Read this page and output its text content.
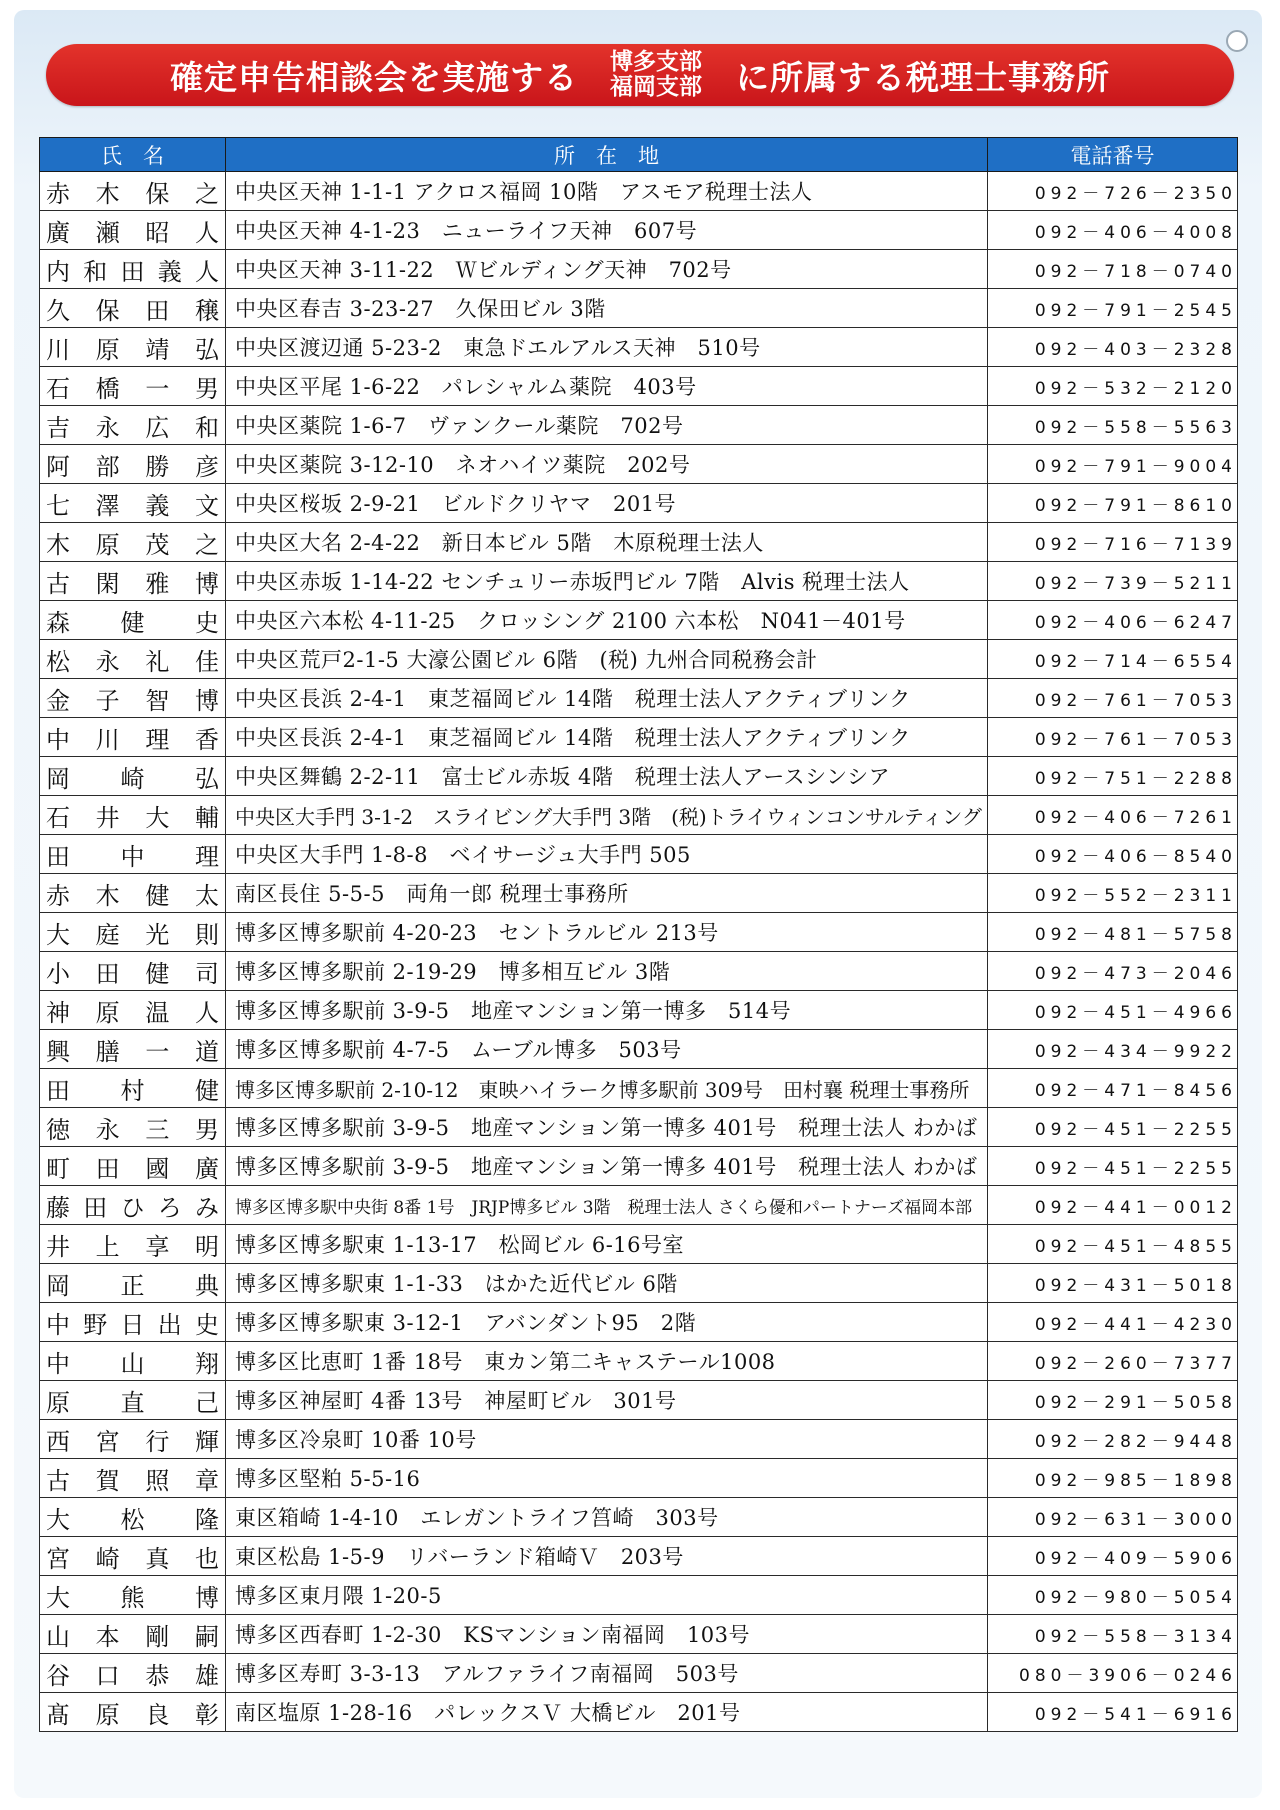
確定申告相談会を実施する 博多支部
福岡支部 に所属する税理士事務所
氏　名	所　在　地	電話番号
赤木保之	中央区天神 1-1-1 アクロス福岡 10階　アスモア税理士法人	092－726－2350
廣瀬昭人	中央区天神 4-1-23　ニューライフ天神　607号	092－406－4008
内和田義人	中央区天神 3-11-22　Ｗビルディング天神　702号	092－718－0740
久保田穣	中央区春吉 3-23-27　久保田ビル 3階	092－791－2545
川原靖弘	中央区渡辺通 5-23-2　東急ドエルアルス天神　510号	092－403－2328
石橋一男	中央区平尾 1-6-22　パレシャルム薬院　403号	092－532－2120
吉永広和	中央区薬院 1-6-7　ヴァンクール薬院　702号	092－558－5563
阿部勝彦	中央区薬院 3-12-10　ネオハイツ薬院　202号	092－791－9004
七澤義文	中央区桜坂 2-9-21　ビルドクリヤマ　201号	092－791－8610
木原茂之	中央区大名 2-4-22　新日本ビル 5階　木原税理士法人	092－716－7139
古閑雅博	中央区赤坂 1-14-22 センチュリー赤坂門ビル 7階　Alvis 税理士法人	092－739－5211
森健史	中央区六本松 4-11-25　クロッシング 2100 六本松　N041－401号	092－406－6247
松永礼佳	中央区荒戸2-1-5 大濠公園ビル 6階　(税) 九州合同税務会計	092－714－6554
金子智博	中央区長浜 2-4-1　東芝福岡ビル 14階　税理士法人アクティブリンク	092－761－7053
中川理香	中央区長浜 2-4-1　東芝福岡ビル 14階　税理士法人アクティブリンク	092－761－7053
岡崎弘	中央区舞鶴 2-2-11　富士ビル赤坂 4階　税理士法人アースシンシア	092－751－2288
石井大輔	中央区大手門 3-1-2　スライビング大手門 3階　(税)トライウィンコンサルティング	092－406－7261
田中理	中央区大手門 1-8-8　ベイサージュ大手門 505	092－406－8540
赤木健太	南区長住 5-5-5　両角一郎 税理士事務所	092－552－2311
大庭光則	博多区博多駅前 4-20-23　セントラルビル 213号	092－481－5758
小田健司	博多区博多駅前 2-19-29　博多相互ビル 3階	092－473－2046
神原温人	博多区博多駅前 3-9-5　地産マンション第一博多　514号	092－451－4966
興膳一道	博多区博多駅前 4-7-5　ムーブル博多　503号	092－434－9922
田村健	博多区博多駅前 2-10-12　東映ハイラーク博多駅前 309号　田村襄 税理士事務所	092－471－8456
徳永三男	博多区博多駅前 3-9-5　地産マンション第一博多 401号　税理士法人 わかば	092－451－2255
町田國廣	博多区博多駅前 3-9-5　地産マンション第一博多 401号　税理士法人 わかば	092－451－2255
藤田ひろみ	博多区博多駅中央街 8番 1号　JRJP博多ビル 3階　税理士法人 さくら優和パートナーズ福岡本部	092－441－0012
井上享明	博多区博多駅東 1-13-17　松岡ビル 6-16号室	092－451－4855
岡正典	博多区博多駅東 1-1-33　はかた近代ビル 6階	092－431－5018
中野日出史	博多区博多駅東 3-12-1　アバンダント95　2階	092－441－4230
中山翔	博多区比恵町 1番 18号　東カン第二キャステール1008	092－260－7377
原直己	博多区神屋町 4番 13号　神屋町ビル　301号	092－291－5058
西宮行輝	博多区冷泉町 10番 10号	092－282－9448
古賀照章	博多区堅粕 5-5-16	092－985－1898
大松隆	東区箱崎 1-4-10　エレガントライフ筥崎　303号	092－631－3000
宮崎真也	東区松島 1-5-9　リバーランド箱崎Ｖ　203号	092－409－5906
大熊博	博多区東月隈 1-20-5	092－980－5054
山本剛嗣	博多区西春町 1-2-30　KSマンション南福岡　103号	092－558－3134
谷口恭雄	博多区寿町 3-3-13　アルファライフ南福岡　503号	080－3906－0246
髙原良彰	南区塩原 1-28-16　パレックスＶ 大橋ビル　201号	092－541－6916
